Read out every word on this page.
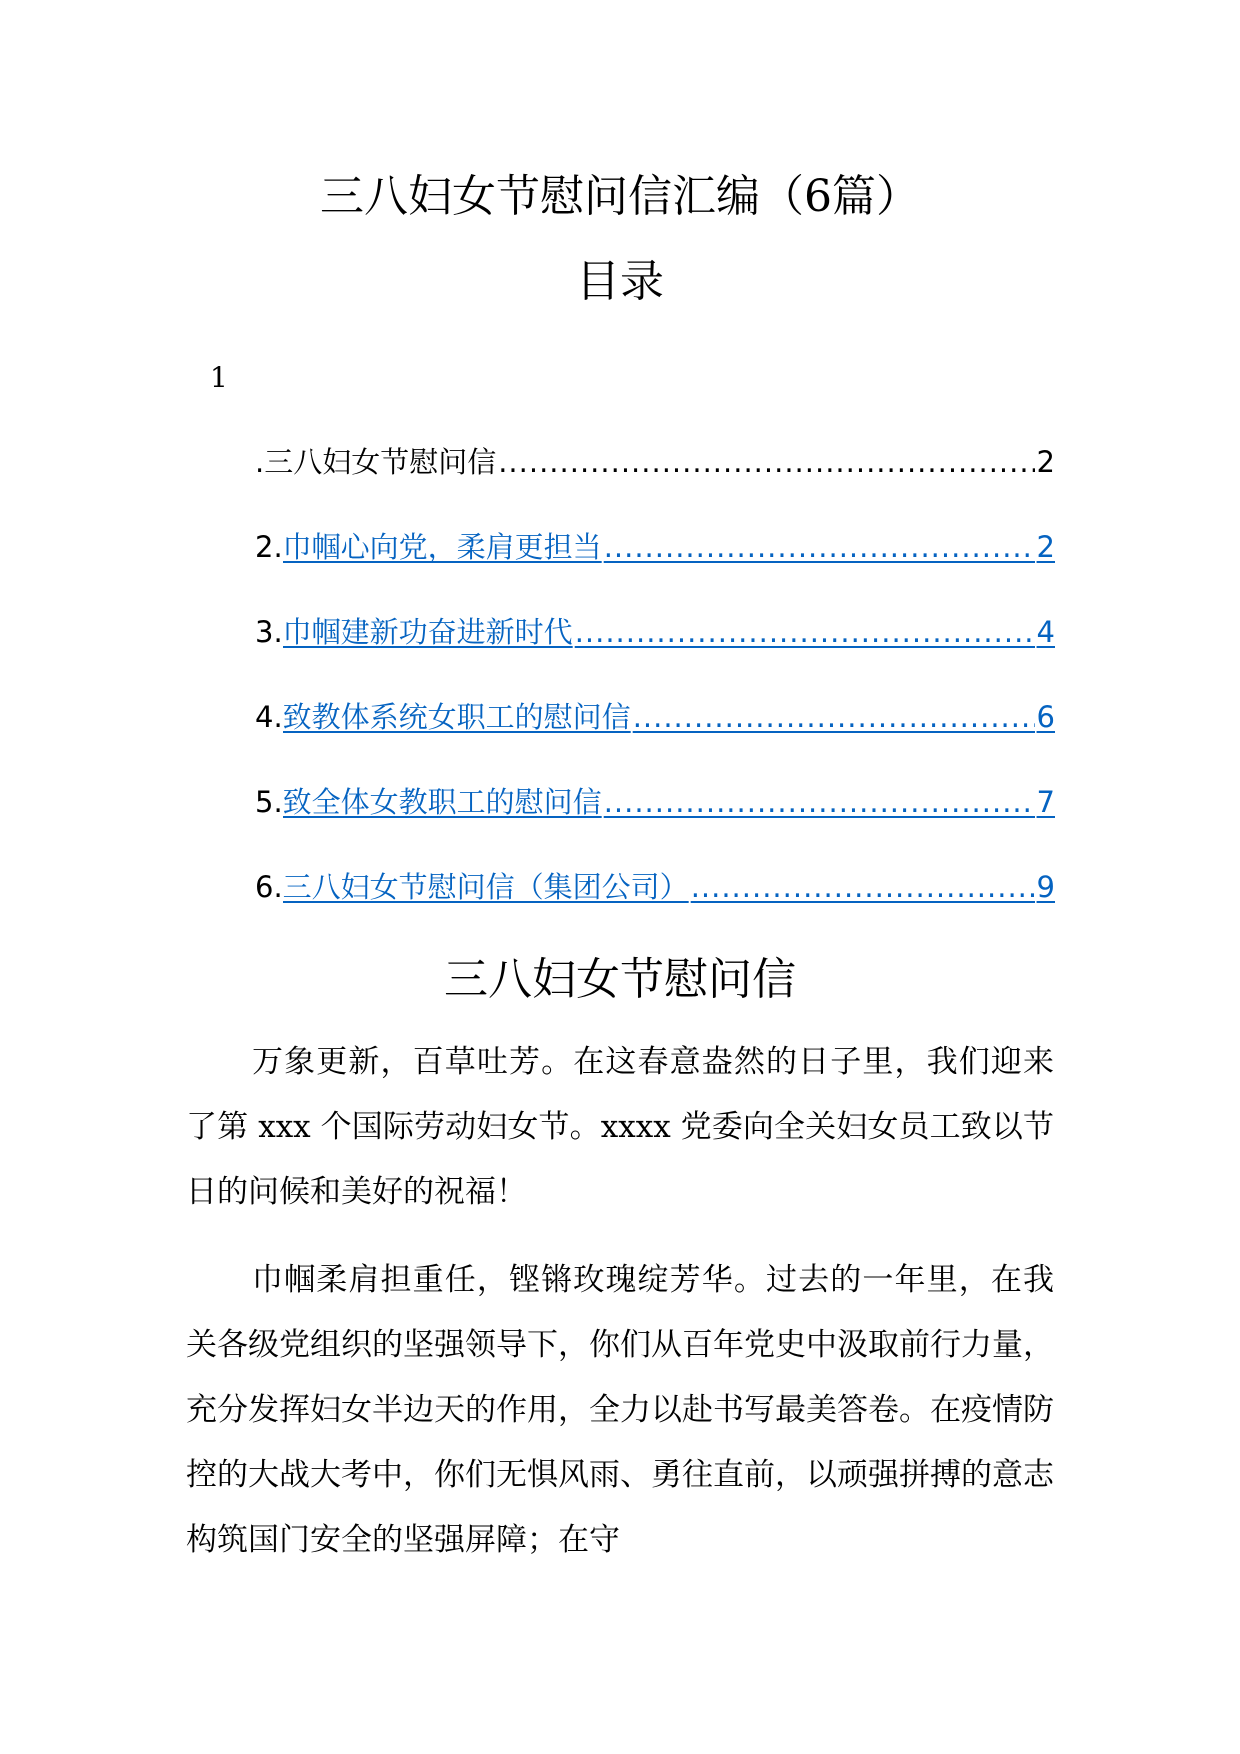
三八妇女节慰问信汇编（6篇）
目录
1
.三八妇女节慰问信 .....	2
2. 巾帼心向党，柔肩更担当 .....	2
3. 巾帼建新功奋进新时代 .....	4
4. 致教体系统女职工的慰问信 .....	6
5. 致全体女教职工的慰问信 .....	7
6. 三八妇女节慰问信（集团公司） .....	9
三八妇女节慰问信

万象更新，百草吐芳。在这春意盎然的日子里，我们迎来了第 xxx 个国际劳动妇女节。xxxx 党委向全关妇女员工致以节日的问候和美好的祝福！

巾帼柔肩担重任，铿锵玫瑰绽芳华。过去的一年里，在我关各级党组织的坚强领导下，你们从百年党史中汲取前行力量，充分发挥妇女半边天的作用，全力以赴书写最美答卷。在疫情防控的大战大考中，你们无惧风雨、勇往直前，以顽强拼搏的意志构筑国门安全的坚强屏障；在守
